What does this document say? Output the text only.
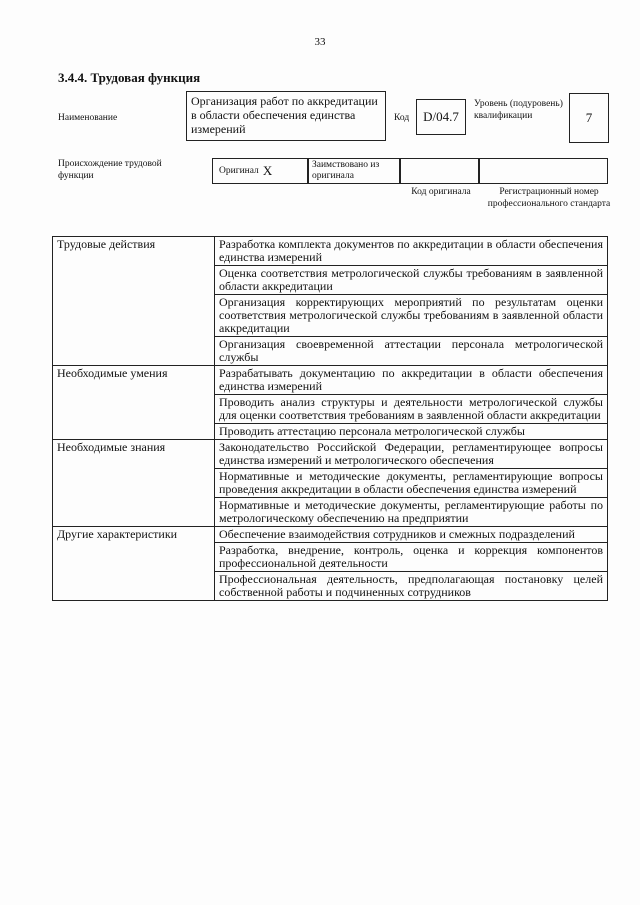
33
3.4.4. Трудовая функция
Наименование
Организация работ по аккредитации в области обеспечения единства измерений
Код	D/04.7
Уровень (подуровень) квалификации	7
Происхождение трудовой функции	Оригинал X	Заимствовано из оригинала
Код оригинала	Регистрационный номер профессионального стандарта
Трудовые действия	Разработка комплекта документов по аккредитации в области обеспечения единства измерений
	Оценка соответствия метрологической службы требованиям в заявленной области аккредитации
	Организация корректирующих мероприятий по результатам оценки соответствия метрологической службы требованиям в заявленной области аккредитации
	Организация своевременной аттестации персонала метрологической службы
Необходимые умения	Разрабатывать документацию по аккредитации в области обеспечения единства измерений
	Проводить анализ структуры и деятельности метрологической службы для оценки соответствия требованиям в заявленной области аккредитации
	Проводить аттестацию персонала метрологической службы
Необходимые знания	Законодательство Российской Федерации, регламентирующее вопросы единства измерений и метрологического обеспечения
	Нормативные и методические документы, регламентирующие вопросы проведения аккредитации в области обеспечения единства измерений
	Нормативные и методические документы, регламентирующие работы по метрологическому обеспечению на предприятии
Другие характеристики	Обеспечение взаимодействия сотрудников и смежных подразделений
	Разработка, внедрение, контроль, оценка и коррекция компонентов профессиональной деятельности
	Профессиональная деятельность, предполагающая постановку целей собственной работы и подчиненных сотрудников
